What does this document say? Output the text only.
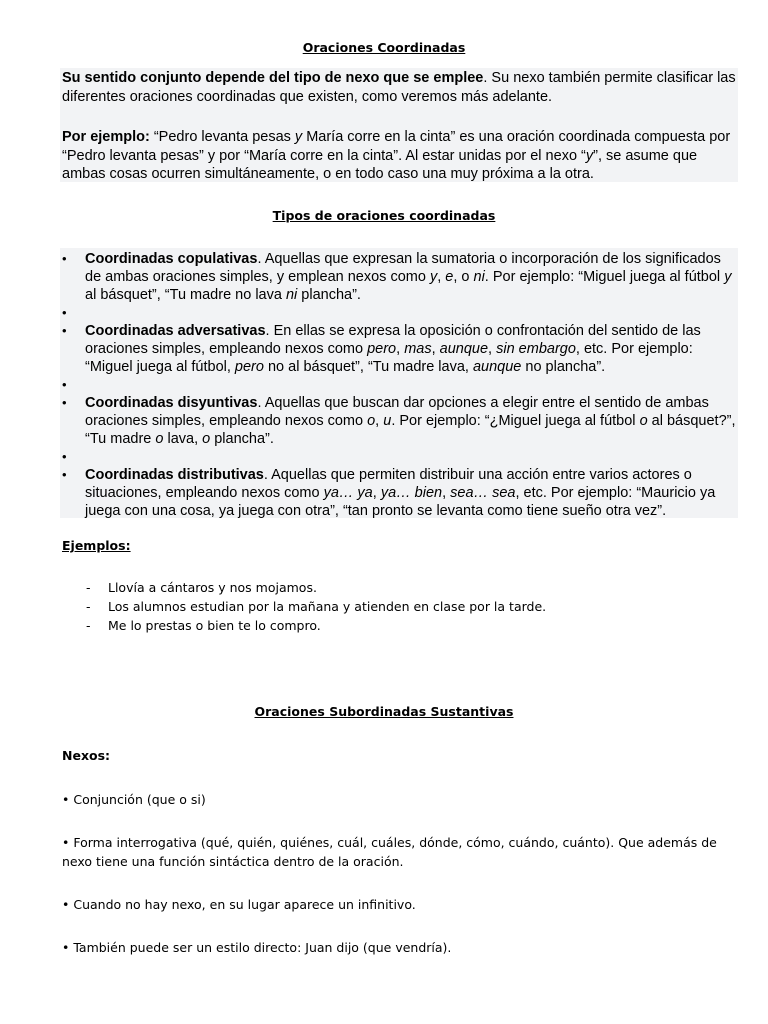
Oraciones Coordinadas

Su sentido conjunto depende del tipo de nexo que se emplee. Su nexo también permite clasificar las diferentes oraciones coordinadas que existen, como veremos más adelante.

Por ejemplo: “Pedro levanta pesas y María corre en la cinta” es una oración coordinada compuesta por “Pedro levanta pesas” y por “María corre en la cinta”. Al estar unidas por el nexo “y”, se asume que ambas cosas ocurren simultáneamente, o en todo caso una muy próxima a la otra.

Tipos de oraciones coordinadas
• Coordinadas copulativas. Aquellas que expresan la sumatoria o incorporación de los significados de ambas oraciones simples, y emplean nexos como y, e, o ni. Por ejemplo: “Miguel juega al fútbol y al básquet”, “Tu madre no lava ni plancha”.
•
• Coordinadas adversativas. En ellas se expresa la oposición o confrontación del sentido de las oraciones simples, empleando nexos como pero, mas, aunque, sin embargo, etc. Por ejemplo: “Miguel juega al fútbol, pero no al básquet”, “Tu madre lava, aunque no plancha”.
•
• Coordinadas disyuntivas. Aquellas que buscan dar opciones a elegir entre el sentido de ambas oraciones simples, empleando nexos como o, u. Por ejemplo: “¿Miguel juega al fútbol o al básquet?”, “Tu madre o lava, o plancha”.
•
• Coordinadas distributivas. Aquellas que permiten distribuir una acción entre varios actores o situaciones, empleando nexos como ya… ya, ya… bien, sea… sea, etc. Por ejemplo: “Mauricio ya juega con una cosa, ya juega con otra”, “tan pronto se levanta como tiene sueño otra vez”.

Ejemplos:

- Llovía a cántaros y nos mojamos.
- Los alumnos estudian por la mañana y atienden en clase por la tarde.
- Me lo prestas o bien te lo compro.
Oraciones Subordinadas Sustantivas

Nexos:

• Conjunción (que o si)

• Forma interrogativa (qué, quién, quiénes, cuál, cuáles, dónde, cómo, cuándo, cuánto). Que además de nexo tiene una función sintáctica dentro de la oración.

• Cuando no hay nexo, en su lugar aparece un infinitivo.

• También puede ser un estilo directo: Juan dijo (que vendría).
